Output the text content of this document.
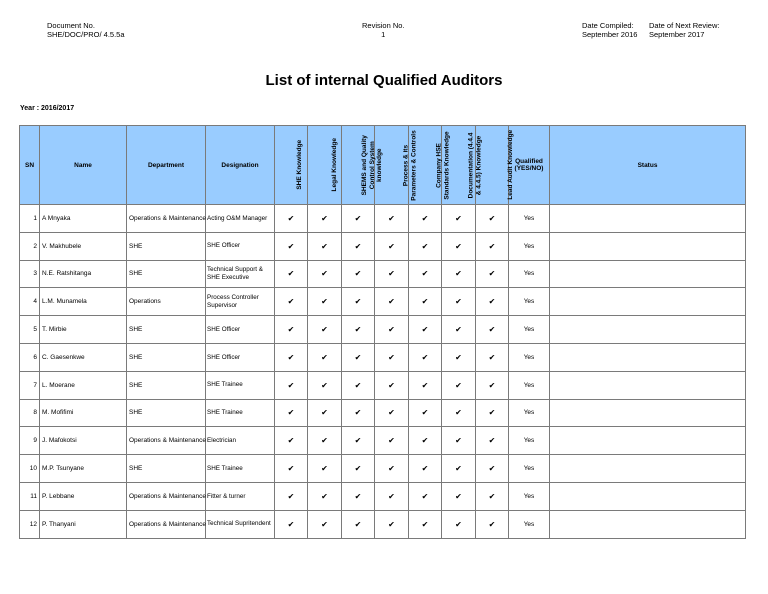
Document No.
SHE/DOC/PRO/ 4.5.5a
Revision No.
1
Date Compiled: Date of Next Review:
September 2016 September 2017
List of internal Qualified Auditors
Year : 2016/2017
SN	Name	Department	Designation	SHE Knowledge	Legal Knowledge	SHEMS and Quality
Control System
knowledge	Process & its
Parameters & Controls	Company HSE
Standards Knowledge	Documentation (4.4.4
& 4.4.5) Knowledge	Lead Audit Knowledge	Qualified
(YES/NO)	Status
1	A Mnyaka	Operations & Maintenance	Acting O&M Manager	✔	✔	✔	✔	✔	✔	✔	Yes	
2	V. Makhubele	SHE	SHE Officer	✔	✔	✔	✔	✔	✔	✔	Yes	
3	N.E. Ratshitanga	SHE	Technical Support & SHE Executive	✔	✔	✔	✔	✔	✔	✔	Yes	
4	L.M. Munamela	Operations	Process Controller Supervisor	✔	✔	✔	✔	✔	✔	✔	Yes	
5	T. Mirbie	SHE	SHE Officer	✔	✔	✔	✔	✔	✔	✔	Yes	
6	C. Gaesenkwe	SHE	SHE Officer	✔	✔	✔	✔	✔	✔	✔	Yes	
7	L. Moerane	SHE	SHE Trainee	✔	✔	✔	✔	✔	✔	✔	Yes	
8	M. Mofifimi	SHE	SHE Trainee	✔	✔	✔	✔	✔	✔	✔	Yes	
9	J. Mafokotsi	Operations & Maintenance	Electrician	✔	✔	✔	✔	✔	✔	✔	Yes	
10	M.P. Tsunyane	SHE	SHE Trainee	✔	✔	✔	✔	✔	✔	✔	Yes	
11	P. Lebbane	Operations & Maintenance	Fitter & turner	✔	✔	✔	✔	✔	✔	✔	Yes	
12	P. Thanyani	Operations & Maintenance	Technical Supritendent	✔	✔	✔	✔	✔	✔	✔	Yes	
